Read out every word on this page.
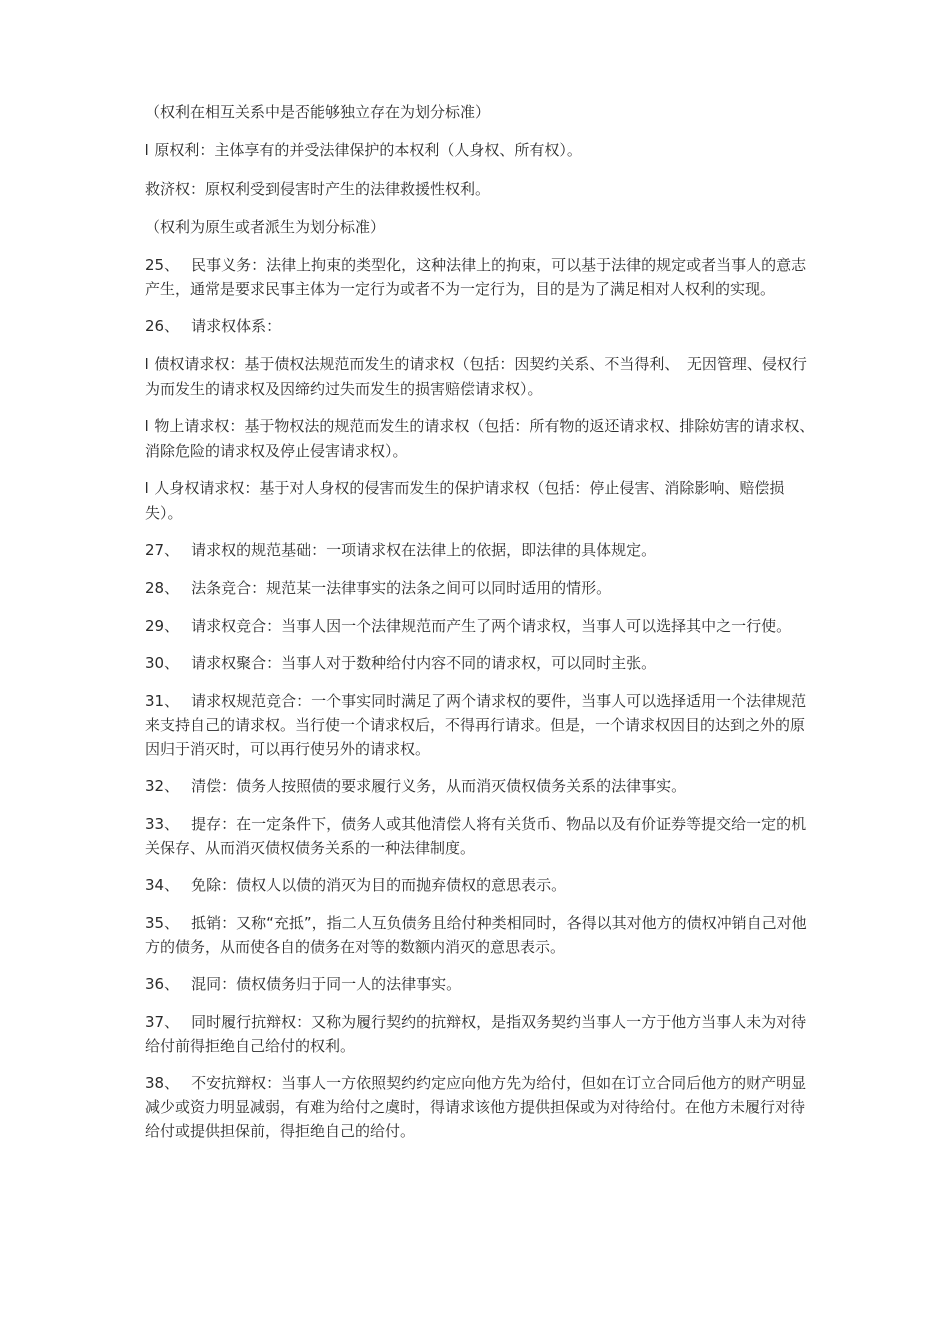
（权利在相互关系中是否能够独立存在为划分标准）

l 原权利：主体享有的并受法律保护的本权利（人身权、所有权）。

救济权：原权利受到侵害时产生的法律救援性权利。

（权利为原生或者派生为划分标准）

25、 民事义务：法律上拘束的类型化，这种法律上的拘束，可以基于法律的规定或者当事人的意志产生，通常是要求民事主体为一定行为或者不为一定行为，目的是为了满足相对人权利的实现。

26、 请求权体系：

l 债权请求权：基于债权法规范而发生的请求权（包括：因契约关系、不当得利、　无因管理、侵权行为而发生的请求权及因缔约过失而发生的损害赔偿请求权）。

l 物上请求权：基于物权法的规范而发生的请求权（包括：所有物的返还请求权、排除妨害的请求权、消除危险的请求权及停止侵害请求权）。

l 人身权请求权：基于对人身权的侵害而发生的保护请求权（包括：停止侵害、消除影响、赔偿损失）。

27、 请求权的规范基础：一项请求权在法律上的依据，即法律的具体规定。

28、 法条竞合：规范某一法律事实的法条之间可以同时适用的情形。

29、 请求权竞合：当事人因一个法律规范而产生了两个请求权，当事人可以选择其中之一行使。

30、 请求权聚合：当事人对于数种给付内容不同的请求权，可以同时主张。

31、 请求权规范竞合：一个事实同时满足了两个请求权的要件，当事人可以选择适用一个法律规范来支持自己的请求权。当行使一个请求权后，不得再行请求。但是，一个请求权因目的达到之外的原因归于消灭时，可以再行使另外的请求权。

32、 清偿：债务人按照债的要求履行义务，从而消灭债权债务关系的法律事实。

33、 提存：在一定条件下，债务人或其他清偿人将有关货币、物品以及有价证券等提交给一定的机关保存、从而消灭债权债务关系的一种法律制度。

34、 免除：债权人以债的消灭为目的而抛弃债权的意思表示。

35、 抵销：又称“充抵”，指二人互负债务且给付种类相同时，各得以其对他方的债权冲销自己对他方的债务，从而使各自的债务在对等的数额内消灭的意思表示。

36、 混同：债权债务归于同一人的法律事实。

37、 同时履行抗辩权：又称为履行契约的抗辩权，是指双务契约当事人一方于他方当事人未为对待给付前得拒绝自己给付的权利。

38、 不安抗辩权：当事人一方依照契约约定应向他方先为给付，但如在订立合同后他方的财产明显减少或资力明显减弱，有难为给付之虞时，得请求该他方提供担保或为对待给付。在他方未履行对待给付或提供担保前，得拒绝自己的给付。
